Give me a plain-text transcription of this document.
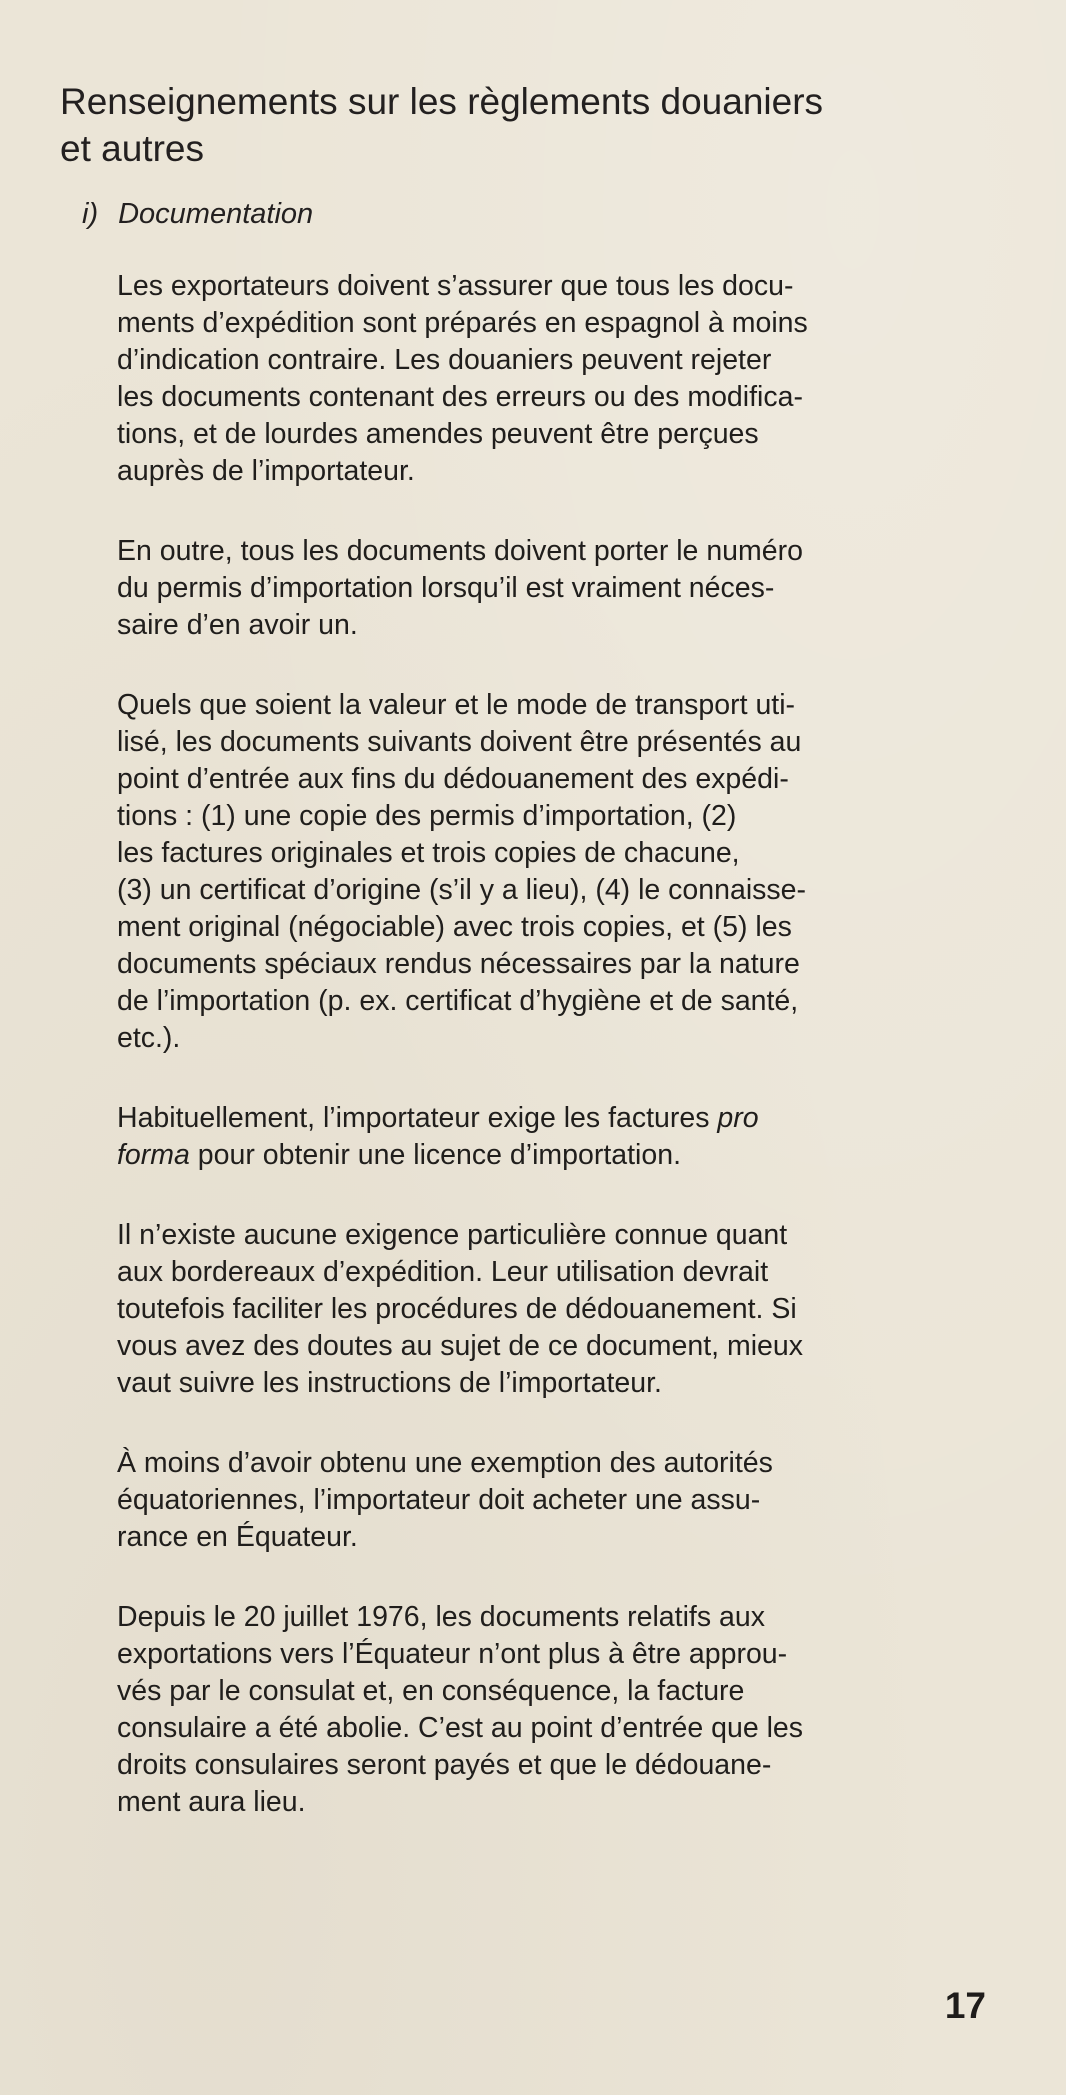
Renseignements sur les règlements douaniers
et autres
i) Documentation

Les exportateurs doivent s’assurer que tous les docu-
ments d’expédition sont préparés en espagnol à moins
d’indication contraire. Les douaniers peuvent rejeter
les documents contenant des erreurs ou des modifica-
tions, et de lourdes amendes peuvent être perçues
auprès de l’importateur.

En outre, tous les documents doivent porter le numéro
du permis d’importation lorsqu’il est vraiment néces-
saire d’en avoir un.

Quels que soient la valeur et le mode de transport uti-
lisé, les documents suivants doivent être présentés au
point d’entrée aux fins du dédouanement des expédi-
tions : (1) une copie des permis d’importation, (2)
les factures originales et trois copies de chacune,
(3) un certificat d’origine (s’il y a lieu), (4) le connaisse-
ment original (négociable) avec trois copies, et (5) les
documents spéciaux rendus nécessaires par la nature
de l’importation (p. ex. certificat d’hygiène et de santé,
etc.).

Habituellement, l’importateur exige les factures pro
forma pour obtenir une licence d’importation.

Il n’existe aucune exigence particulière connue quant
aux bordereaux d’expédition. Leur utilisation devrait
toutefois faciliter les procédures de dédouanement. Si
vous avez des doutes au sujet de ce document, mieux
vaut suivre les instructions de l’importateur.

À moins d’avoir obtenu une exemption des autorités
équatoriennes, l’importateur doit acheter une assu-
rance en Équateur.

Depuis le 20 juillet 1976, les documents relatifs aux
exportations vers l’Équateur n’ont plus à être approu-
vés par le consulat et, en conséquence, la facture
consulaire a été abolie. C’est au point d’entrée que les
droits consulaires seront payés et que le dédouane-
ment aura lieu.

17
